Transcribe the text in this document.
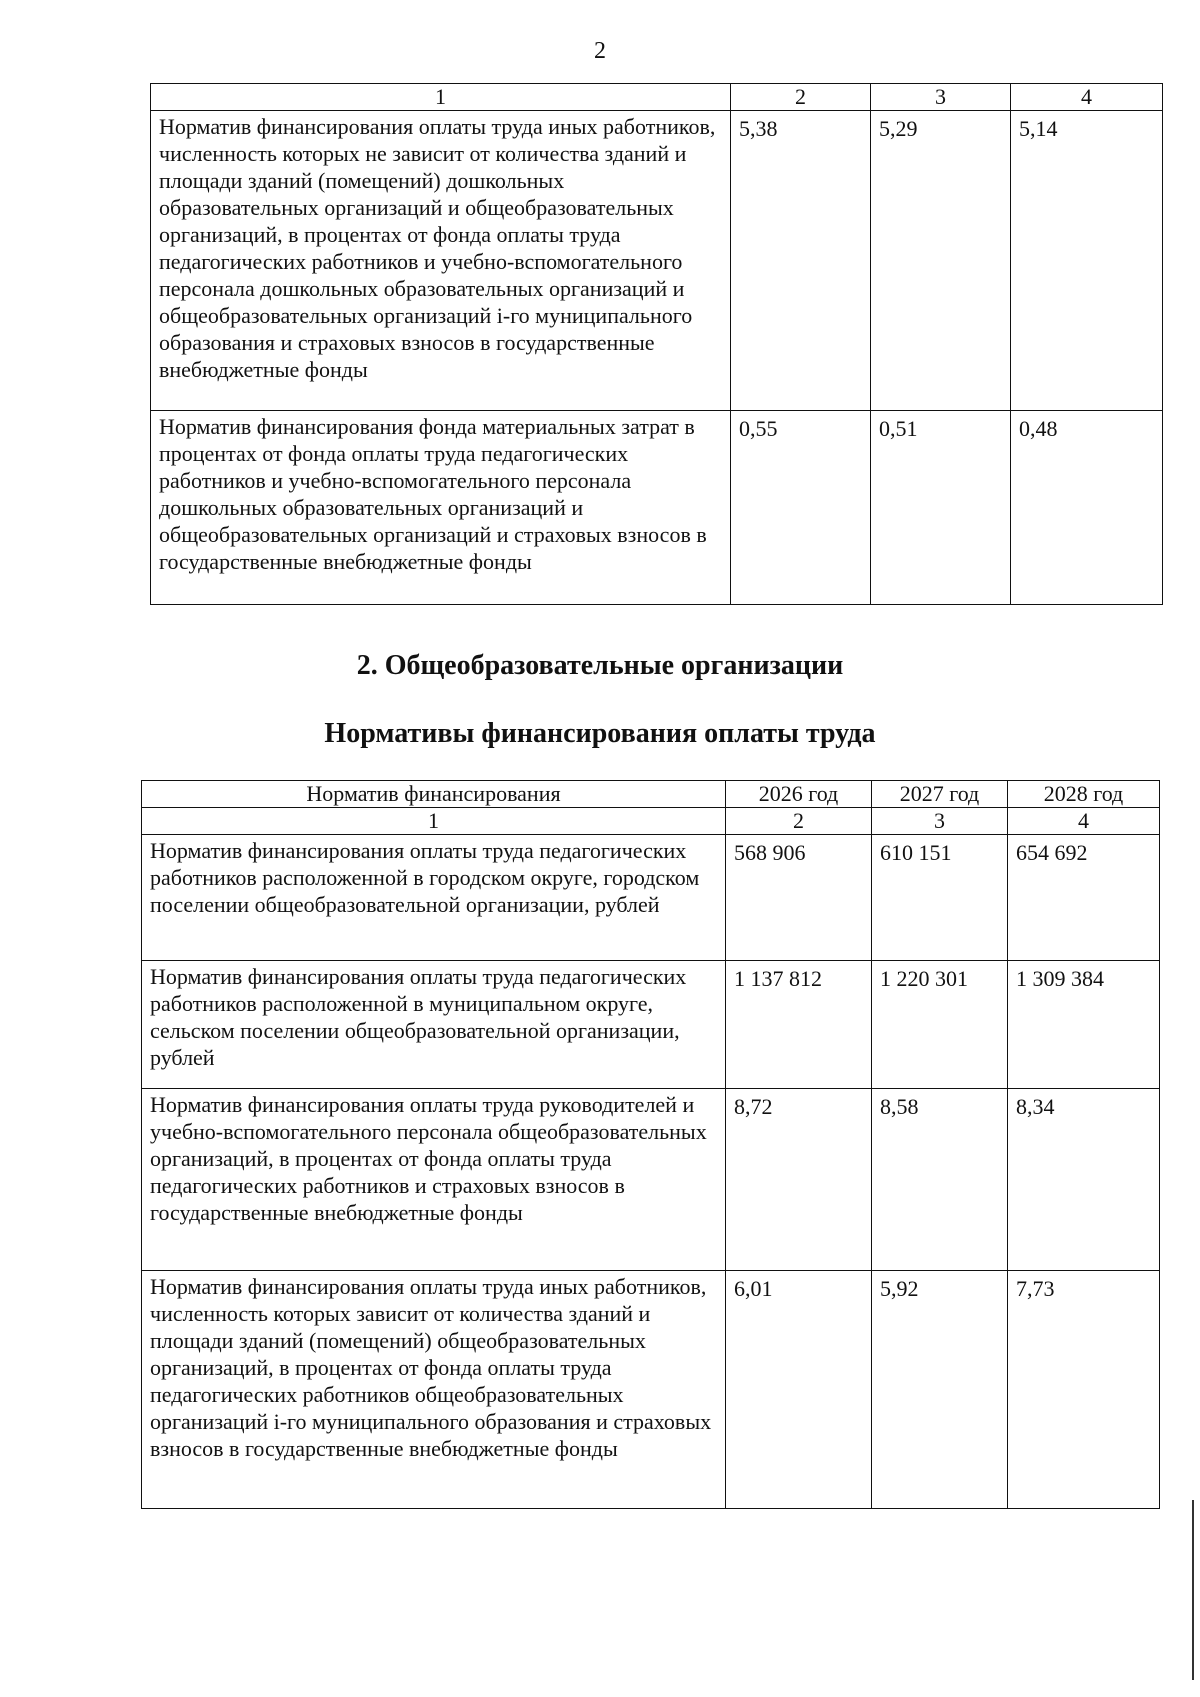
2
1	2	3	4
Норматив финансирования оплаты труда иных работников, численность которых не зависит от количества зданий и площади зданий (помещений) дошкольных образовательных организаций и общеобразовательных организаций, в процентах от фонда оплаты труда педагогических работников и учебно-вспомогательного персонала дошкольных образовательных организаций и общеобразовательных организаций i-го муниципального образования и страховых взносов в государственные внебюджетные фонды	5,38	5,29	5,14
Норматив финансирования фонда материальных затрат в процентах от фонда оплаты труда педагогических работников и учебно-вспомогательного персонала дошкольных образовательных организаций и общеобразовательных организаций и страховых взносов в государственные внебюджетные фонды	0,55	0,51	0,48
2. Общеобразовательные организации
Нормативы финансирования оплаты труда
Норматив финансирования	2026 год	2027 год	2028 год
1	2	3	4
Норматив финансирования оплаты труда педагогических работников расположенной в городском округе, городском поселении общеобразовательной организации, рублей	568 906	610 151	654 692
Норматив финансирования оплаты труда педагогических работников расположенной в муниципальном округе, сельском поселении общеобразовательной организации, рублей	1 137 812	1 220 301	1 309 384
Норматив финансирования оплаты труда руководителей и учебно-вспомогательного персонала общеобразовательных организаций, в процентах от фонда оплаты труда педагогических работников и страховых взносов в государственные внебюджетные фонды	8,72	8,58	8,34
Норматив финансирования оплаты труда иных работников, численность которых зависит от количества зданий и площади зданий (помещений) общеобразовательных организаций, в процентах от фонда оплаты труда педагогических работников общеобразовательных организаций i-го муниципального образования и страховых взносов в государственные внебюджетные фонды	6,01	5,92	7,73
